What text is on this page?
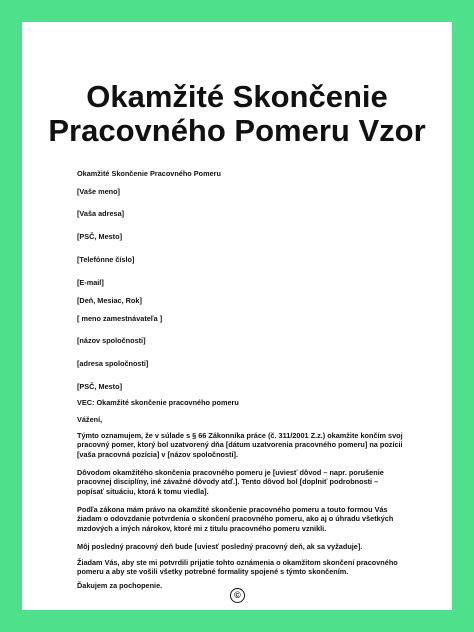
Okamžité Skončenie
Pracovného Pomeru Vzor

Okamžité Skončenie Pracovného Pomeru

[Vaše meno]

[Vaša adresa]

[PSČ, Mesto]

[Telefónne číslo]

[E-mail]

[Deň, Mesiac, Rok]

[ meno zamestnávateľa ]

[názov spoločnosti]

[adresa spoločnosti]

[PSČ, Mesto]

VEC: Okamžité skončenie pracovného pomeru

Vážení,

Týmto oznamujem, že v súlade s § 66 Zákonníka práce (č. 311/2001 Z.z.) okamžite končím svoj pracovný pomer, ktorý bol uzatvorený dňa [dátum uzatvorenia pracovného pomeru] na pozícii [vaša pracovná pozícia] v [názov spoločnosti].

Dôvodom okamžitého skončenia pracovného pomeru je [uviesť dôvod – napr. porušenie pracovnej disciplíny, iné závažné dôvody atď.]. Tento dôvod bol [doplniť podrobnosti – popísať situáciu, ktorá k tomu viedla].

Podľa zákona mám právo na okamžité skončenie pracovného pomeru a touto formou Vás žiadam o odovzdanie potvrdenia o skončení pracovného pomeru, ako aj o úhradu všetkých mzdových a iných nárokov, ktoré mi z titulu pracovného pomeru vznikli.

Môj posledný pracovný deň bude [uviesť posledný pracovný deň, ak sa vyžaduje].

Žiadam Vás, aby ste mi potvrdili prijatie tohto oznámenia o okamžitom skončení pracovného pomeru a aby ste vošili všetky potrebné formality spojené s týmto skončením.

Ďakujem za pochopenie.

©
